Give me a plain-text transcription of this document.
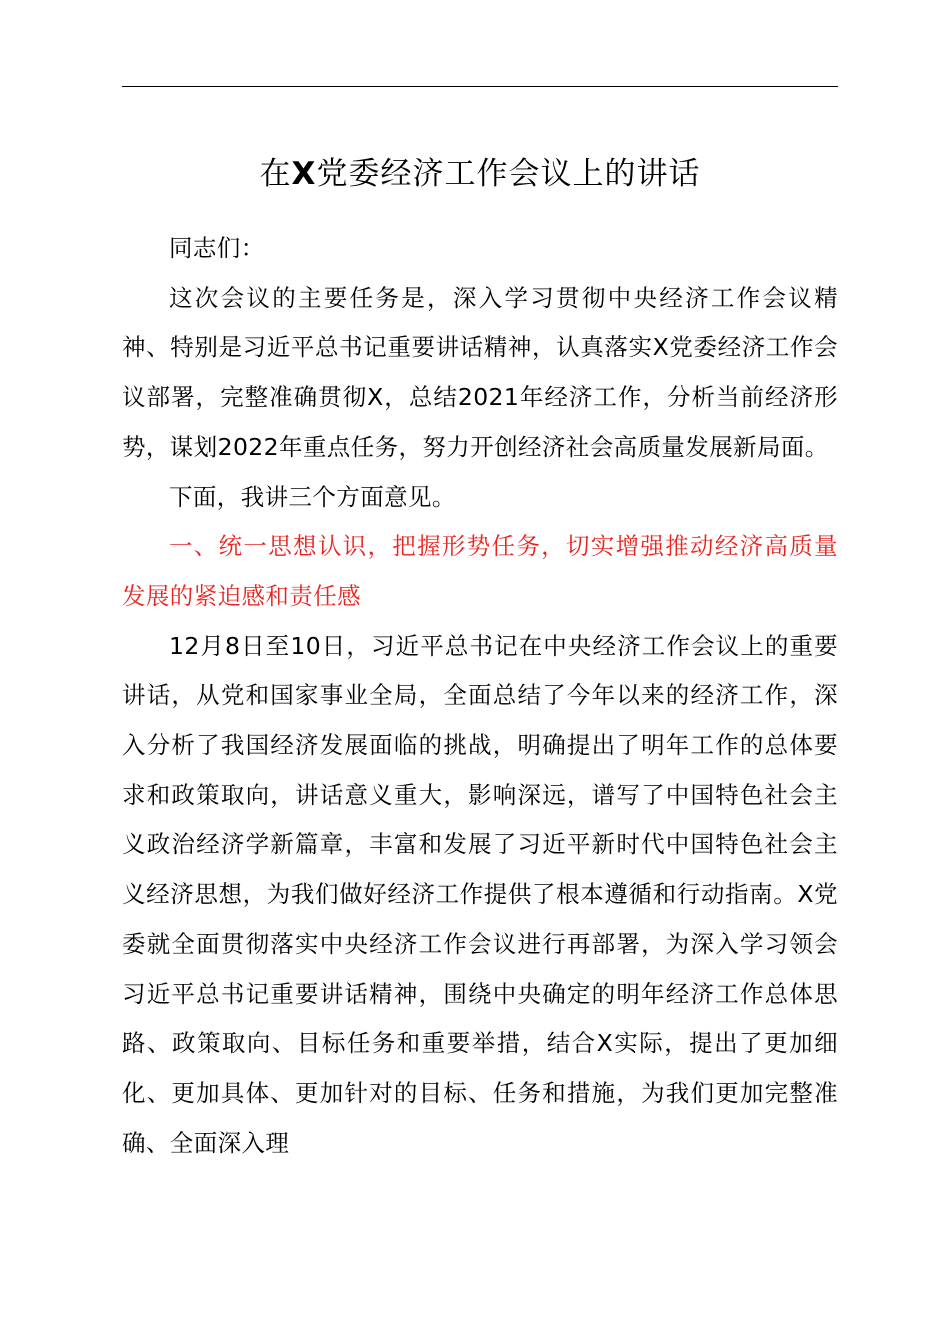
在X党委经济工作会议上的讲话

同志们：

这次会议的主要任务是，深入学习贯彻中央经济工作会议精神、特别是习近平总书记重要讲话精神，认真落实X党委经济工作会议部署，完整准确贯彻X，总结2021年经济工作，分析当前经济形势，谋划2022年重点任务，努力开创经济社会高质量发展新局面。

下面，我讲三个方面意见。

一、统一思想认识，把握形势任务，切实增强推动经济高质量发展的紧迫感和责任感

12月8日至10日，习近平总书记在中央经济工作会议上的重要讲话，从党和国家事业全局，全面总结了今年以来的经济工作，深入分析了我国经济发展面临的挑战，明确提出了明年工作的总体要求和政策取向，讲话意义重大，影响深远，谱写了中国特色社会主义政治经济学新篇章，丰富和发展了习近平新时代中国特色社会主义经济思想，为我们做好经济工作提供了根本遵循和行动指南。X党委就全面贯彻落实中央经济工作会议进行再部署，为深入学习领会习近平总书记重要讲话精神，围绕中央确定的明年经济工作总体思路、政策取向、目标任务和重要举措，结合X实际，提出了更加细化、更加具体、更加针对的目标、任务和措施，为我们更加完整准确、全面深入理
